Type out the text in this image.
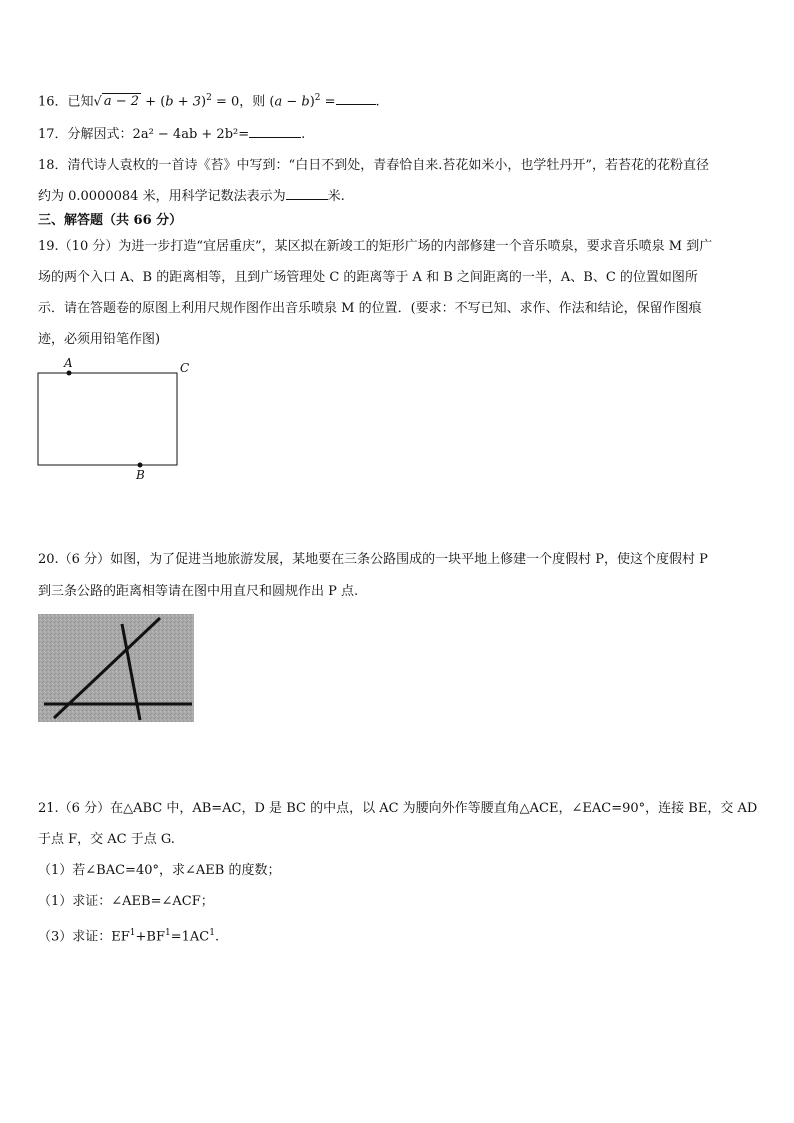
16．已知√ $a - 2 + (b + 3)^2 = 0$，则 $(a - b)^2$ =	.
17．分解因式：2a² − 4ab + 2b²=	.
18．清代诗人袁枚的一首诗《苔》中写到：“白日不到处，青春恰自来.苔花如米小，也学牡丹开”，若苔花的花粉直径
约为 0.0000084 米，用科学记数法表示为	米.
三、解答题（共 66 分）
19.（10 分）为进一步打造“宜居重庆”，某区拟在新竣工的矩形广场的内部修建一个音乐喷泉，要求音乐喷泉 M 到广
场的两个入口 A、B 的距离相等，且到广场管理处 C 的距离等于 A 和 B 之间距离的一半，A、B、C 的位置如图所
示．请在答题卷的原图上利用尺规作图作出音乐喷泉 M 的位置．(要求：不写已知、求作、作法和结论，保留作图痕
迹，必须用铅笔作图)
A
B
C
20.（6 分）如图，为了促进当地旅游发展，某地要在三条公路围成的一块平地上修建一个度假村 P，使这个度假村 P
到三条公路的距离相等请在图中用直尺和圆规作出 P 点.
21.（6 分）在△ABC 中，AB=AC，D 是 BC 的中点，以 AC 为腰向外作等腰直角△ACE，∠EAC=90°，连接 BE，交 AD
于点 F，交 AC 于点 G.
（1）若∠BAC=40°，求∠AEB 的度数；
（1）求证：∠AEB=∠ACF；
（3）求证：$EF^1+BF^1=1AC^1$.
